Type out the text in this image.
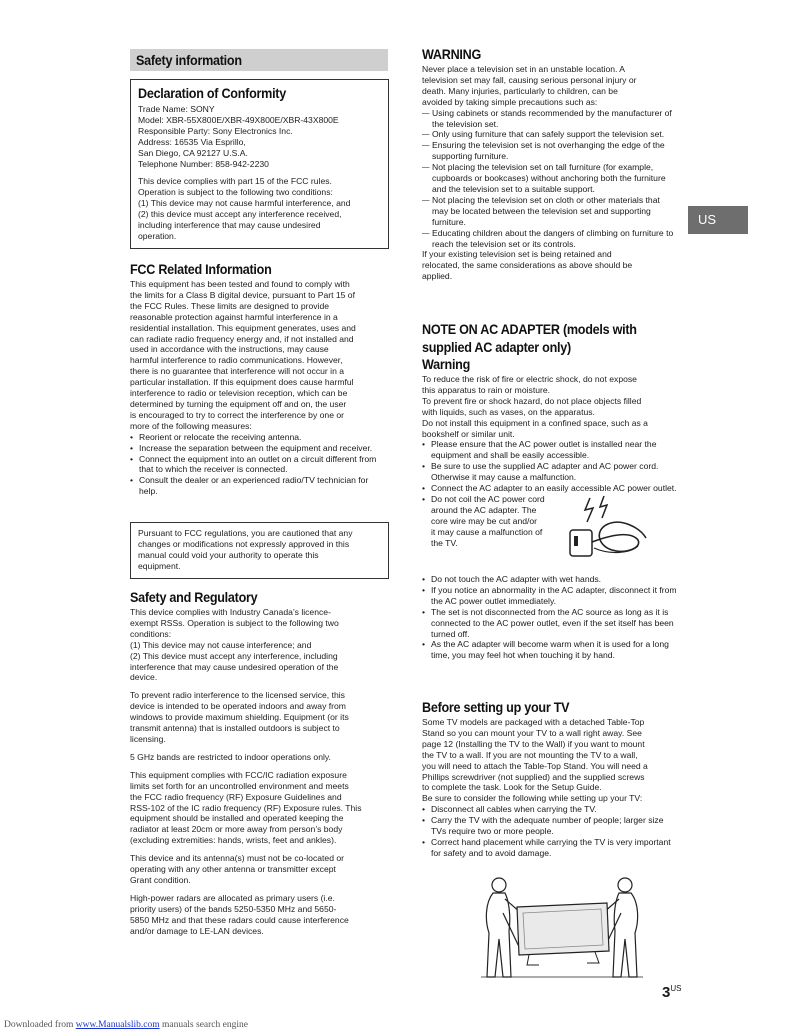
Safety information
Declaration of Conformity

Trade Name: SONY

Model: XBR-55X800E/XBR-49X800E/XBR-43X800E

Responsible Party: Sony Electronics Inc.

Address: 16535 Via Esprillo,

San Diego, CA 92127 U.S.A.

Telephone Number: 858-942-2230

This device complies with part 15 of the FCC rules.

Operation is subject to the following two conditions:

(1) This device may not cause harmful interference, and

(2) this device must accept any interference received,

including interference that may cause undesired

operation.

FCC Related Information

This equipment has been tested and found to comply with

the limits for a Class B digital device, pursuant to Part 15 of

the FCC Rules. These limits are designed to provide

reasonable protection against harmful interference in a

residential installation. This equipment generates, uses and

can radiate radio frequency energy and, if not installed and

used in accordance with the instructions, may cause

harmful interference to radio communications. However,

there is no guarantee that interference will not occur in a

particular installation. If this equipment does cause harmful

interference to radio or television reception, which can be

determined by turning the equipment off and on, the user

is encouraged to try to correct the interference by one or

more of the following measures:

• Reorient or relocate the receiving antenna.
• Increase the separation between the equipment and receiver.
• Connect the equipment into an outlet on a circuit different from that to which the receiver is connected.
• Consult the dealer or an experienced radio/TV technician for help.

Pursuant to FCC regulations, you are cautioned that any

changes or modifications not expressly approved in this

manual could void your authority to operate this

equipment.

Safety and Regulatory

This device complies with Industry Canada’s licence-

exempt RSSs. Operation is subject to the following two

conditions:

(1) This device may not cause interference; and

(2) This device must accept any interference, including

interference that may cause undesired operation of the

device.

To prevent radio interference to the licensed service, this

device is intended to be operated indoors and away from

windows to provide maximum shielding. Equipment (or its

transmit antenna) that is installed outdoors is subject to

licensing.

5 GHz bands are restricted to indoor operations only.

This equipment complies with FCC/IC radiation exposure

limits set forth for an uncontrolled environment and meets

the FCC radio frequency (RF) Exposure Guidelines and

RSS-102 of the IC radio frequency (RF) Exposure rules. This

equipment should be installed and operated keeping the

radiator at least 20cm or more away from person’s body

(excluding extremities: hands, wrists, feet and ankles).

This device and its antenna(s) must not be co-located or

operating with any other antenna or transmitter except

Grant condition.

High-power radars are allocated as primary users (i.e.

priority users) of the bands 5250-5350 MHz and 5650-

5850 MHz and that these radars could cause interference

and/or damage to LE-LAN devices.

WARNING

Never place a television set in an unstable location. A

television set may fall, causing serious personal injury or

death. Many injuries, particularly to children, can be

avoided by taking simple precautions such as:

— Using cabinets or stands recommended by the manufacturer of the television set.
— Only using furniture that can safely support the television set.
— Ensuring the television set is not overhanging the edge of the supporting furniture.
— Not placing the television set on tall furniture (for example, cupboards or bookcases) without anchoring both the furniture and the television set to a suitable support.
— Not placing the television set on cloth or other materials that may be located between the television set and supporting furniture.
— Educating children about the dangers of climbing on furniture to reach the television set or its controls.

If your existing television set is being retained and

relocated, the same considerations as above should be

applied.

NOTE ON AC ADAPTER (models with
supplied AC adapter only)
Warning

To reduce the risk of fire or electric shock, do not expose

this apparatus to rain or moisture.

To prevent fire or shock hazard, do not place objects filled

with liquids, such as vases, on the apparatus.

Do not install this equipment in a confined space, such as a

bookshelf or similar unit.

• Please ensure that the AC power outlet is installed near the equipment and shall be easily accessible.
• Be sure to use the supplied AC adapter and AC power cord. Otherwise it may cause a malfunction.
• Connect the AC adapter to an easily accessible AC power outlet.
• Do not coil the AC power cord
around the AC adapter. The
core wire may be cut and/or
it may cause a malfunction of
the TV.
• Do not touch the AC adapter with wet hands.
• If you notice an abnormality in the AC adapter, disconnect it from the AC power outlet immediately.
• The set is not disconnected from the AC source as long as it is connected to the AC power outlet, even if the set itself has been turned off.
• As the AC adapter will become warm when it is used for a long time, you may feel hot when touching it by hand.
Before setting up your TV

Some TV models are packaged with a detached Table-Top

Stand so you can mount your TV to a wall right away. See

page 12 (Installing the TV to the Wall) if you want to mount

the TV to a wall. If you are not mounting the TV to a wall,

you will need to attach the Table-Top Stand. You will need a

Phillips screwdriver (not supplied) and the supplied screws

to complete the task. Look for the Setup Guide.

Be sure to consider the following while setting up your TV:

• Disconnect all cables when carrying the TV.
• Carry the TV with the adequate number of people; larger size TVs require two or more people.
• Correct hand placement while carrying the TV is very important for safety and to avoid damage.
US
$3^{US}$
Downloaded from www.Manualslib.com manuals search engine
